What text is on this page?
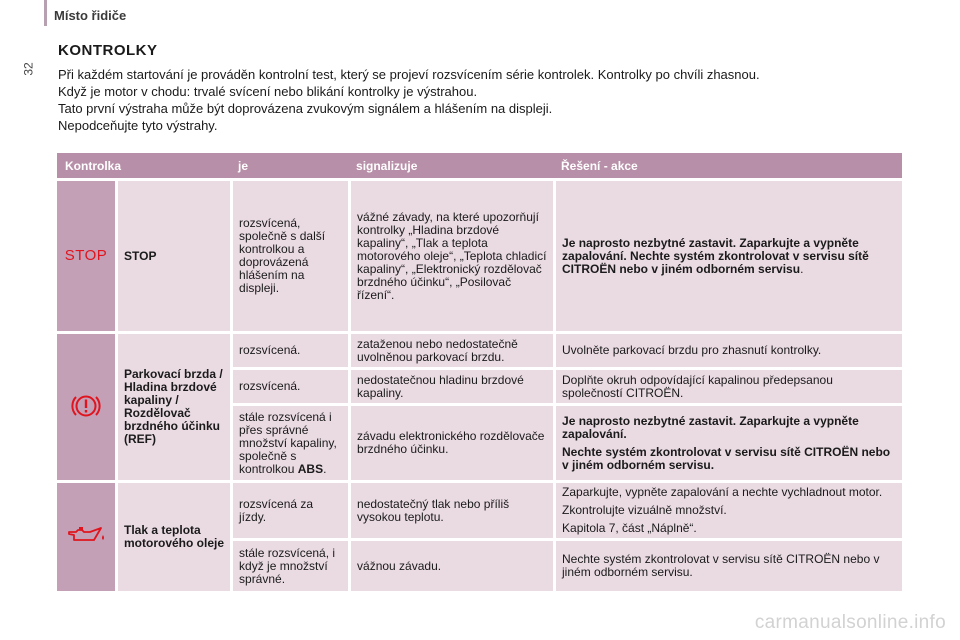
Místo řidiče
32
KONTROLKY
Při každém startování je prováděn kontrolní test, který se projeví rozsvícením série kontrolek. Kontrolky po chvíli zhasnou.
Když je motor v chodu: trvalé svícení nebo blikání kontrolky je výstrahou.
Tato první výstraha může být doprovázena zvukovým signálem a hlášením na displeji.
Nepodceňujte tyto výstrahy.
Kontrolka		je	signalizuje	Řešení - akce
STOP	STOP	rozsvícená, společně s další kontrolkou a doprovázená hlášením na displeji.	vážné závady, na které upozorňují kontrolky „Hladina brzdové kapaliny“, „Tlak a teplota motorového oleje“, „Teplota chladicí kapaliny“, „Elektronický rozdělovač brzdného účinku“, „Posilovač řízení“.	Je naprosto nezbytné zastavit. Zaparkujte a vypněte zapalování. Nechte systém zkontrolovat v servisu sítě CITROËN nebo v jiném odborném servisu.
	Parkovací brzda / Hladina brzdové kapaliny / Rozdělovač brzdného účinku (REF)	rozsvícená.	zataženou nebo nedostatečně uvolněnou parkovací brzdu.	Uvolněte parkovací brzdu pro zhasnutí kontrolky.
		rozsvícená.	nedostatečnou hladinu brzdové kapaliny.	Doplňte okruh odpovídající kapalinou předepsanou společností CITROËN.
		stále rozsvícená i přes správné množství kapaliny, společně s kontrolkou ABS.	závadu elektronického rozdělovače brzdného účinku.	Je naprosto nezbytné zastavit. Zaparkujte a vypněte zapalování.

Nechte systém zkontrolovat v servisu sítě CITROËN nebo v jiném odborném servisu.

	Tlak a teplota motorového oleje	rozsvícená za jízdy.	nedostatečný tlak nebo příliš vysokou teplotu.	Zaparkujte, vypněte zapalování a nechte vychladnout motor.

Zkontrolujte vizuálně množství.

Kapitola 7, část „Náplně“.

		stále rozsvícená, i když je množství správné.	vážnou závadu.	Nechte systém zkontrolovat v servisu sítě CITROËN nebo v jiném odborném servisu.
carmanualsonline.info
